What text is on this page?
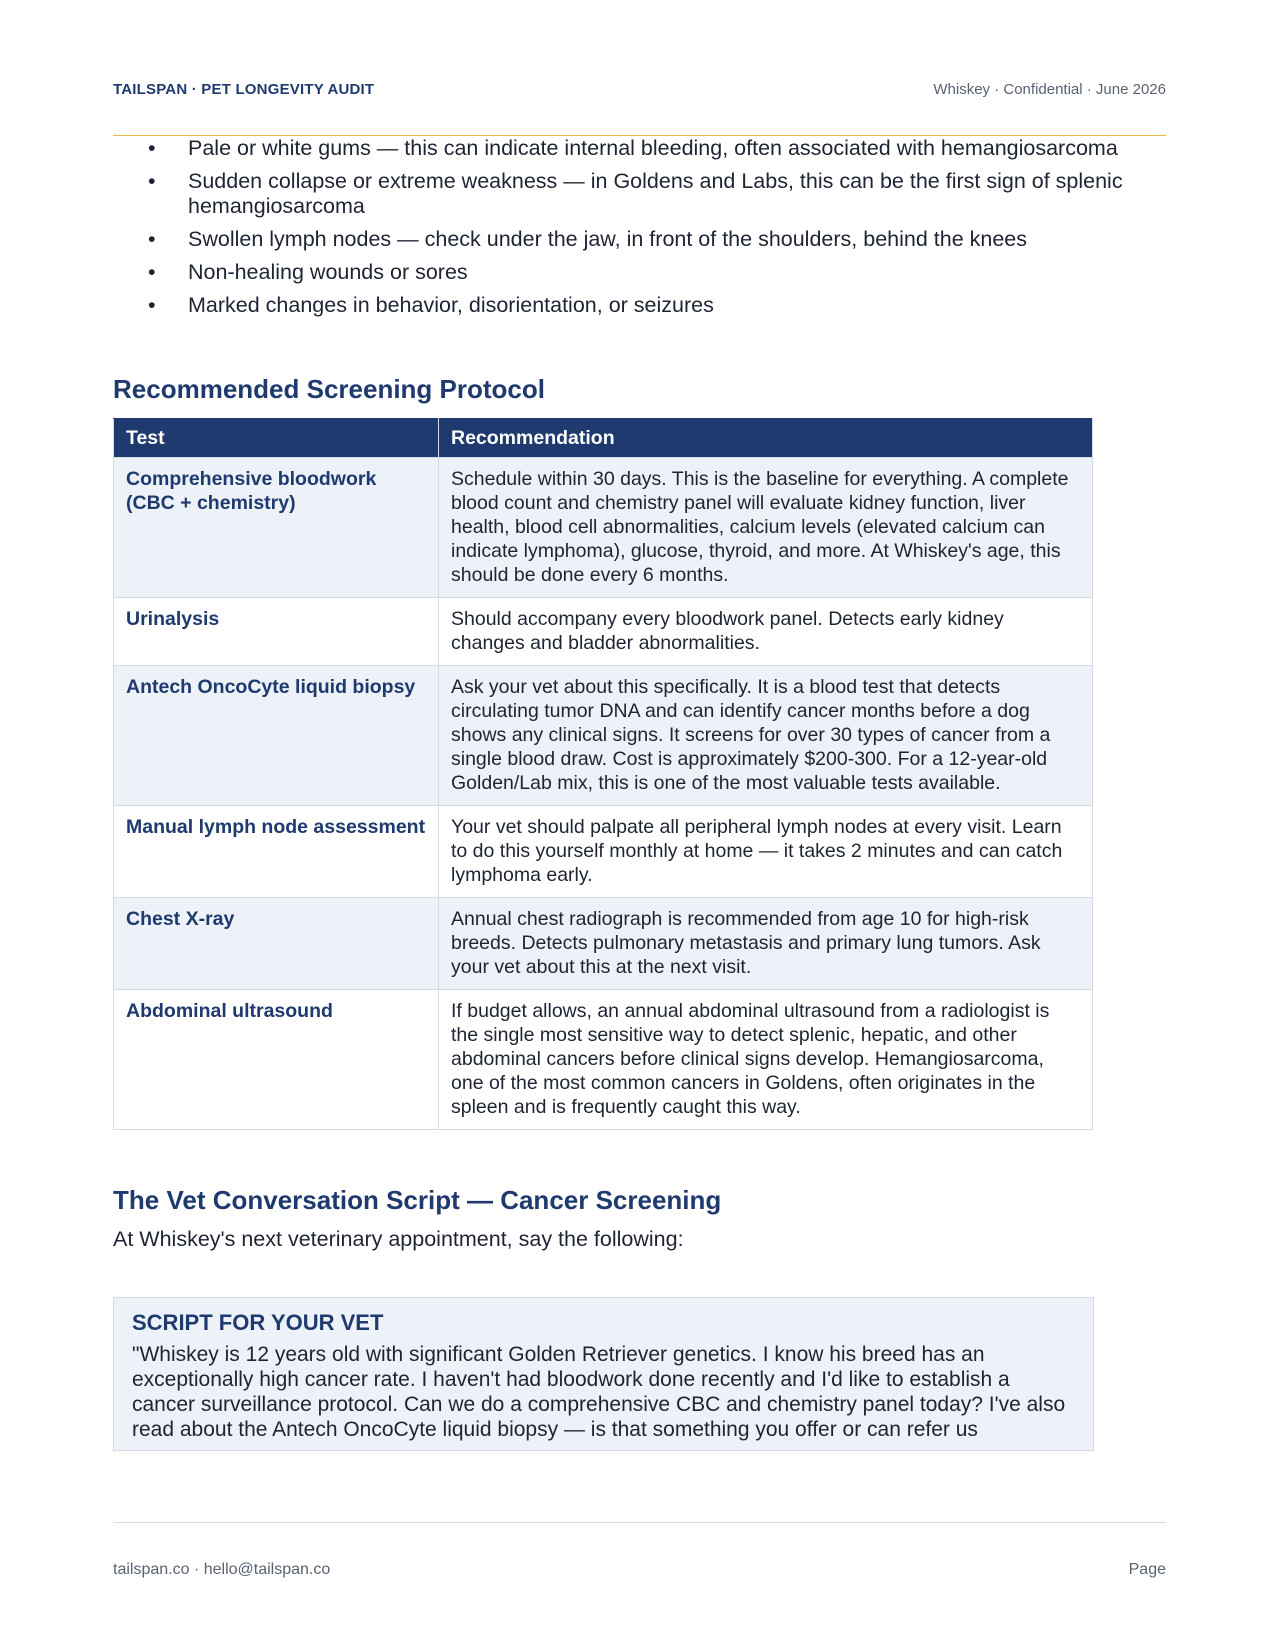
TAILSPAN · PET LONGEVITY AUDIT	Whiskey · Confidential · June 2026
• Pale or white gums — this can indicate internal bleeding, often associated with hemangiosarcoma
• Sudden collapse or extreme weakness — in Goldens and Labs, this can be the first sign of splenic hemangiosarcoma
• Swollen lymph nodes — check under the jaw, in front of the shoulders, behind the knees
• Non-healing wounds or sores
• Marked changes in behavior, disorientation, or seizures
Recommended Screening Protocol
Test	Recommendation
Comprehensive bloodwork (CBC + chemistry)	Schedule within 30 days. This is the baseline for everything. A complete blood count and chemistry panel will evaluate kidney function, liver health, blood cell abnormalities, calcium levels (elevated calcium can indicate lymphoma), glucose, thyroid, and more. At Whiskey's age, this should be done every 6 months.
Urinalysis	Should accompany every bloodwork panel. Detects early kidney changes and bladder abnormalities.
Antech OncoCyte liquid biopsy	Ask your vet about this specifically. It is a blood test that detects circulating tumor DNA and can identify cancer months before a dog shows any clinical signs. It screens for over 30 types of cancer from a single blood draw. Cost is approximately $200-300. For a 12-year-old Golden/Lab mix, this is one of the most valuable tests available.
Manual lymph node assessment	Your vet should palpate all peripheral lymph nodes at every visit. Learn to do this yourself monthly at home — it takes 2 minutes and can catch lymphoma early.
Chest X-ray	Annual chest radiograph is recommended from age 10 for high-risk breeds. Detects pulmonary metastasis and primary lung tumors. Ask your vet about this at the next visit.
Abdominal ultrasound	If budget allows, an annual abdominal ultrasound from a radiologist is the single most sensitive way to detect splenic, hepatic, and other abdominal cancers before clinical signs develop. Hemangiosarcoma, one of the most common cancers in Goldens, often originates in the spleen and is frequently caught this way.
The Vet Conversation Script — Cancer Screening

At Whiskey's next veterinary appointment, say the following:

SCRIPT FOR YOUR VET
"Whiskey is 12 years old with significant Golden Retriever genetics. I know his breed has an exceptionally high cancer rate. I haven't had bloodwork done recently and I'd like to establish a cancer surveillance protocol. Can we do a comprehensive CBC and chemistry panel today? I've also read about the Antech OncoCyte liquid biopsy — is that something you offer or can refer us
tailspan.co · hello@tailspan.co	Page
